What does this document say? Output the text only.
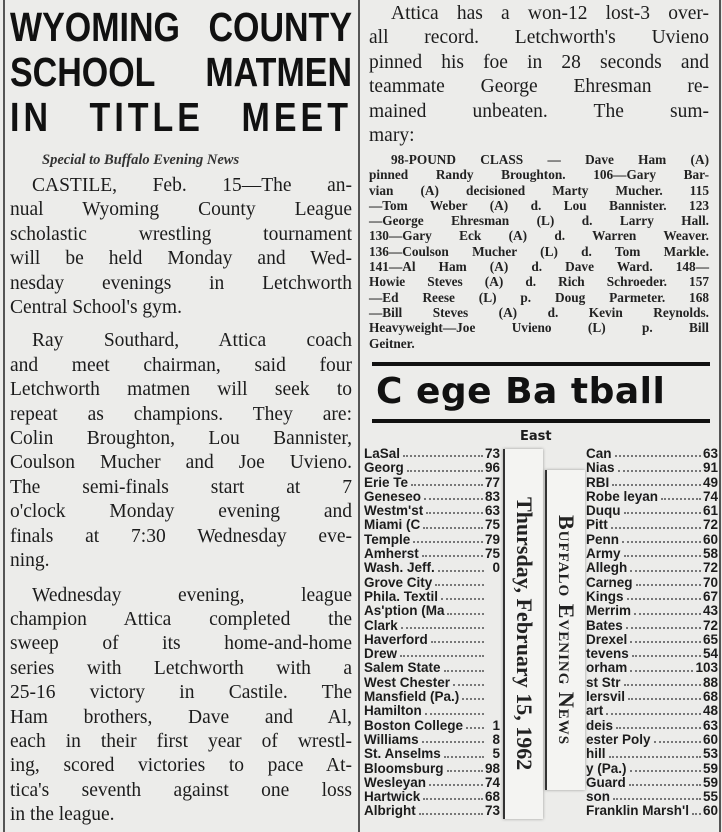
WYOMING COUNTY
SCHOOL MATMEN
IN TITLE MEET
Special to Buffalo Evening News
CASTILE, Feb. 15—The an-
nual Wyoming County League
scholastic wrestling tournament
will be held Monday and Wed-
nesday evenings in Letchworth
Central School's gym.
Ray Southard, Attica coach
and meet chairman, said four
Letchworth matmen will seek to
repeat as champions. They are:
Colin Broughton, Lou Bannister,
Coulson Mucher and Joe Uvieno.
The semi-finals start at 7
o'clock Monday evening and
finals at 7:30 Wednesday eve-
ning.
Wednesday evening, league
champion Attica completed the
sweep of its home-and-home
series with Letchworth with a
25-16 victory in Castile. The
Ham brothers, Dave and Al,
each in their first year of wrestl-
ing, scored victories to pace At-
tica's seventh against one loss
in the league.
Attica has a won-12 lost-3 over-
all record. Letchworth's Uvieno
pinned his foe in 28 seconds and
teammate George Ehresman re-
mained unbeaten. The sum-
mary:
98-POUND CLASS — Dave Ham (A)
pinned Randy Broughton. 106—Gary Bar-
vian (A) decisioned Marty Mucher. 115
—Tom Weber (A) d. Lou Bannister. 123
—George Ehresman (L) d. Larry Hall.
130—Gary Eck (A) d. Warren Weaver.
136—Coulson Mucher (L) d. Tom Markle.
141—Al Ham (A) d. Dave Ward. 148—
Howie Steves (A) d. Rich Schroeder. 157
—Ed Reese (L) p. Doug Parmeter. 168
—Bill Steves (A) d. Kevin Reynolds.
Heavyweight—Joe Uvieno (L) p. Bill
Geitner.
C ege Ba tball
East
LaSal	73	Can	63
Georg	96	Nias	91
Erie Te	77	RBI	49
Geneseo	83	Robe leyan	74
Westm'st	63	Duqu	61
Miami (C	75	Pitt	72
Temple	79	Penn	60
Amherst	75	Army	58
Wash. Jeff.	0	Allegh	72
Grove City	Carneg	70
Phila. Textil	Kings	67
As'ption (Ma	Merrim	43
Clark	Bates	72
Haverford	Drexel	65
Drew	tevens	54
Salem State	orham	103
West Chester	st Str	88
Mansfield (Pa.)	lersvil	68
Hamilton	art	48
Boston College	1	deis	63
Williams	8	ester Poly	60
St. Anselms	5	hill	53
Bloomsburg	98	y (Pa.)	59
Wesleyan	74	Guard	59
Hartwick	68	son	55
Albright	73	Franklin Marsh'l 60
Thursday, February 15, 1962 Buffalo Evening News
